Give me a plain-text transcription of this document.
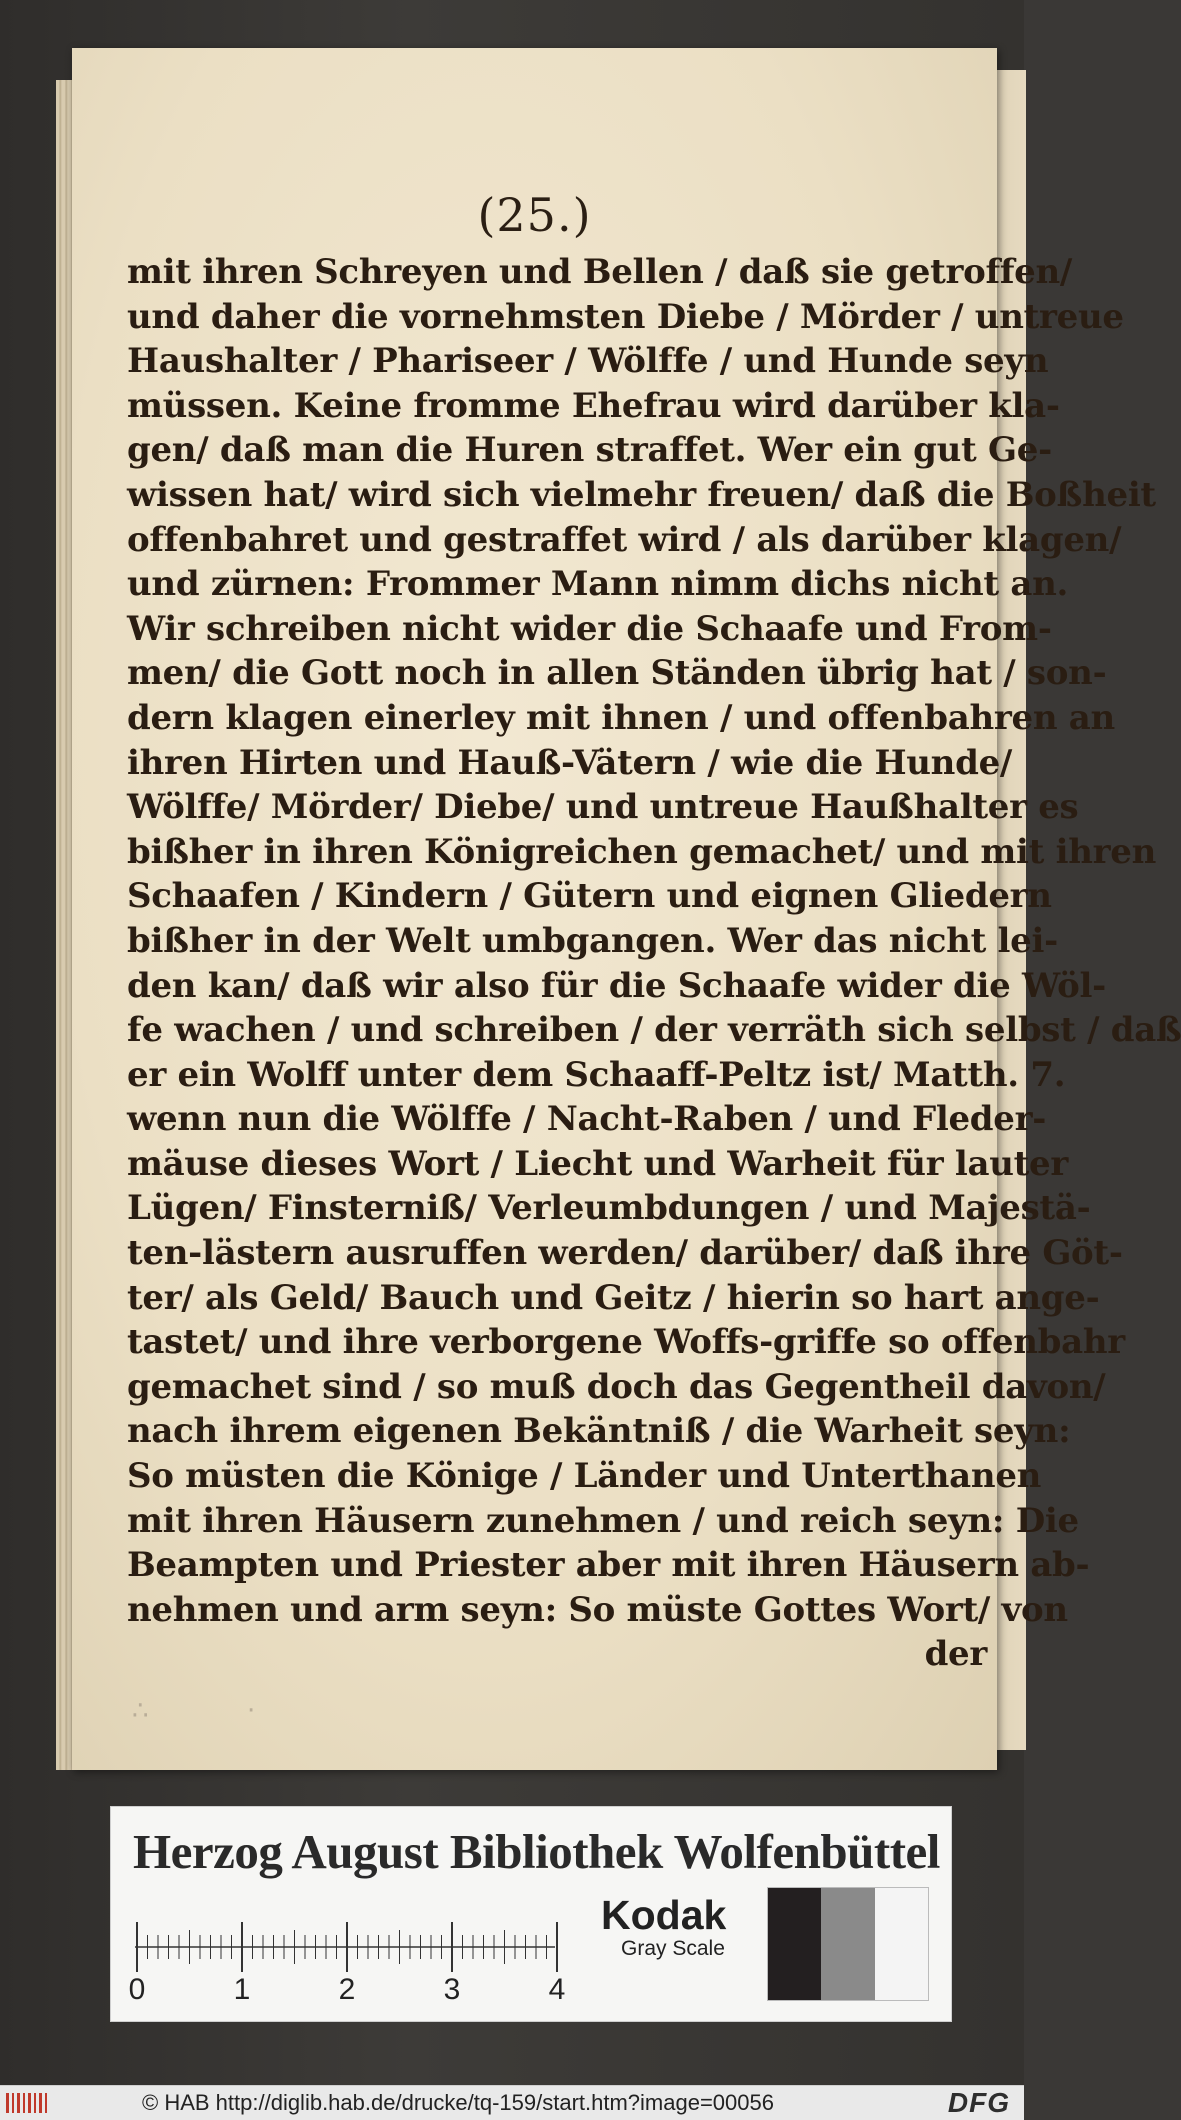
(25.)
mit ihren Schreyen und Bellen / daß sie getroffen/
und daher die vornehmsten Diebe / Mörder / untreue
Haushalter / Phariseer / Wölffe / und Hunde seyn
müssen. Keine fromme Ehefrau wird darüber kla-
gen/ daß man die Huren straffet. Wer ein gut Ge-
wissen hat/ wird sich vielmehr freuen/ daß die Boßheit
offenbahret und gestraffet wird / als darüber klagen/
und zürnen: Frommer Mann nimm dichs nicht an.
Wir schreiben nicht wider die Schaafe und From-
men/ die Gott noch in allen Ständen übrig hat / son-
dern klagen einerley mit ihnen / und offenbahren an
ihren Hirten und Hauß-Vätern / wie die Hunde/
Wölffe/ Mörder/ Diebe/ und untreue Haußhalter es
bißher in ihren Königreichen gemachet/ und mit ihren
Schaafen / Kindern / Gütern und eignen Gliedern
bißher in der Welt umbgangen. Wer das nicht lei-
den kan/ daß wir also für die Schaafe wider die Wöl-
fe wachen / und schreiben / der verräth sich selbst / daß
er ein Wolff unter dem Schaaff-Peltz ist/ Matth. 7.
wenn nun die Wölffe / Nacht-Raben / und Fleder-
mäuse dieses Wort / Liecht und Warheit für lauter
Lügen/ Finsterniß/ Verleumbdungen / und Majestä-
ten-lästern ausruffen werden/ darüber/ daß ihre Göt-
ter/ als Geld/ Bauch und Geitz / hierin so hart ange-
tastet/ und ihre verborgene Woffs-griffe so offenbahr
gemachet sind / so muß doch das Gegentheil davon/
nach ihrem eigenen Bekäntniß / die Warheit seyn:
So müsten die Könige / Länder und Unterthanen
mit ihren Häusern zunehmen / und reich seyn: Die
Beampten und Priester aber mit ihren Häusern ab-
nehmen und arm seyn: So müste Gottes Wort/ von
der
∴	·
Herzog August Bibliothek Wolfenbüttel
0	1	2	3	4
Kodak
Gray Scale
© HAB http://diglib.hab.de/drucke/tq-159/start.htm?image=00056	DFG
